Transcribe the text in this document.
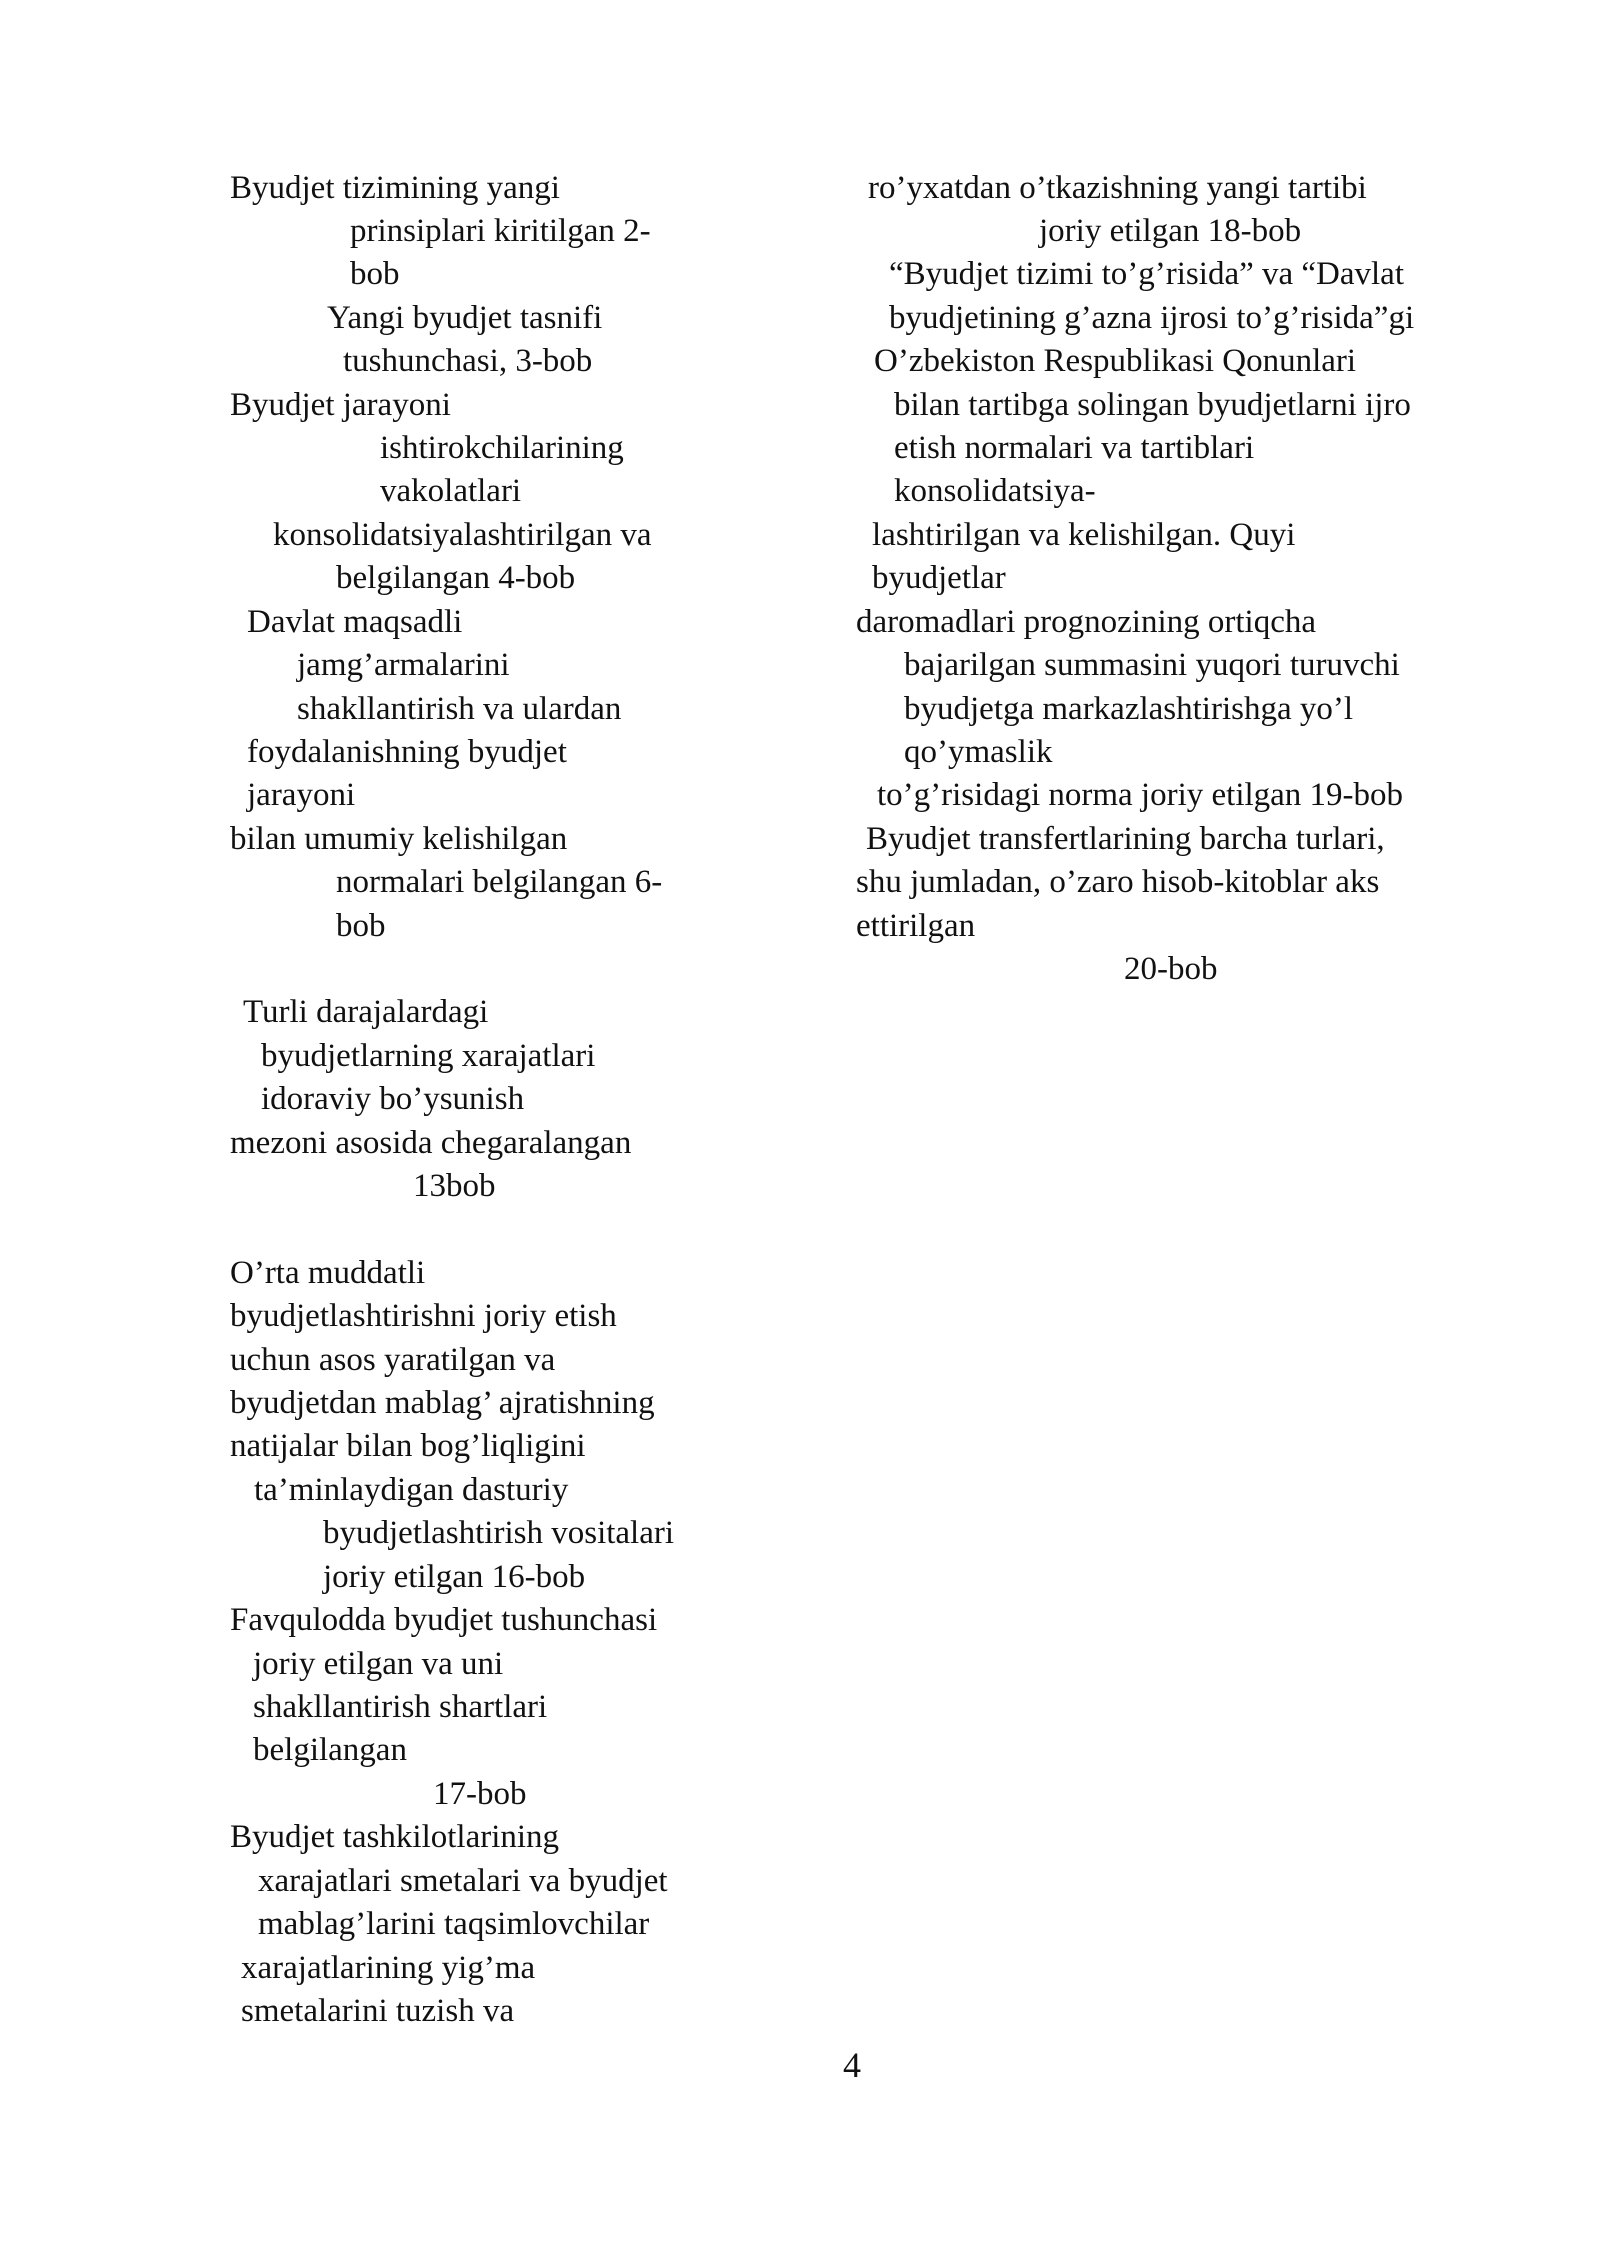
Byudjet tizimining yangi
prinsiplari kiritilgan 2-
bob
Yangi byudjet tasnifi
tushunchasi, 3-bob
Byudjet jarayoni
ishtirokchilarining
vakolatlari
konsolidatsiyalashtirilgan va
belgilangan 4-bob
Davlat maqsadli
jamg’armalarini
shakllantirish va ulardan
foydalanishning byudjet
jarayoni
bilan umumiy kelishilgan
normalari belgilangan 6-
bob
Turli darajalardagi
byudjetlarning xarajatlari
idoraviy bo’ysunish
mezoni asosida chegaralangan
13bob
O’rta muddatli
byudjetlashtirishni joriy etish
uchun asos yaratilgan va
byudjetdan mablag’ ajratishning
natijalar bilan bog’liqligini
ta’minlaydigan dasturiy
byudjetlashtirish vositalari
joriy etilgan 16-bob
Favqulodda byudjet tushunchasi
joriy etilgan va uni
shakllantirish shartlari
belgilangan
17-bob
Byudjet tashkilotlarining
xarajatlari smetalari va byudjet
mablag’larini taqsimlovchilar
xarajatlarining yig’ma
smetalarini tuzish va
ro’yxatdan o’tkazishning yangi tartibi
joriy etilgan 18-bob
“Byudjet tizimi to’g’risida” va “Davlat
byudjetining g’azna ijrosi to’g’risida”gi
O’zbekiston Respublikasi Qonunlari
bilan tartibga solingan byudjetlarni ijro
etish normalari va tartiblari
konsolidatsiya-
lashtirilgan va kelishilgan. Quyi
byudjetlar
daromadlari prognozining ortiqcha
bajarilgan summasini yuqori turuvchi
byudjetga markazlashtirishga yo’l
qo’ymaslik
to’g’risidagi norma joriy etilgan 19-bob
Byudjet transfertlarining barcha turlari,
shu jumladan, o’zaro hisob-kitoblar aks
ettirilgan
20-bob
4
